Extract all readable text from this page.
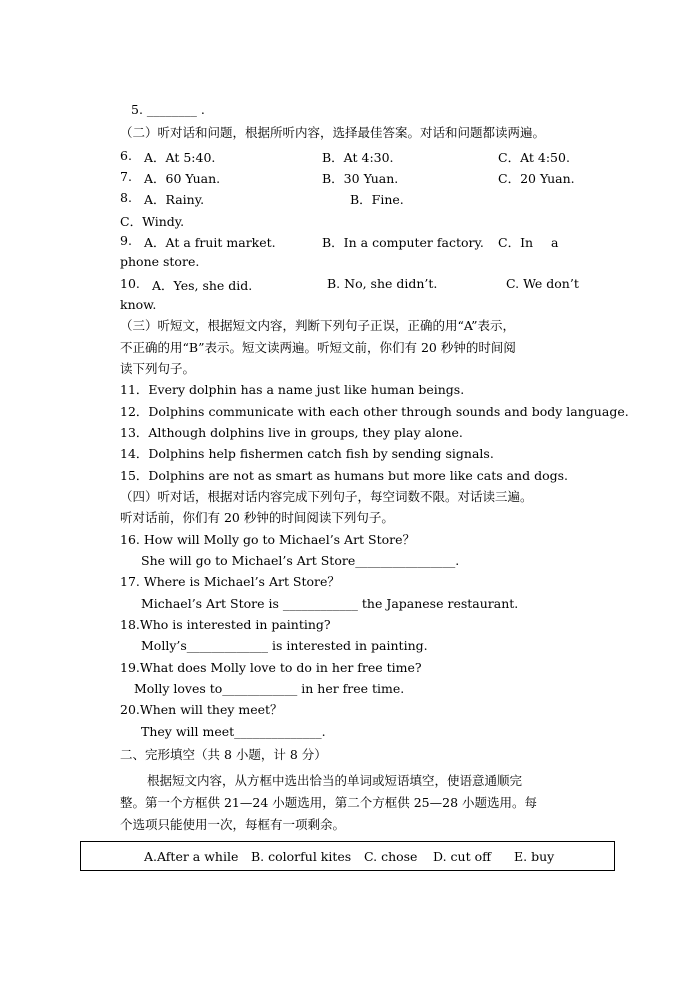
5. ________ .
（二）听对话和问题，根据所听内容，选择最佳答案。对话和问题都读两遍。
6. A．At 5:40.	B．At 4:30.	C．At 4:50.
7. A．60 Yuan.	B．30 Yuan.	C．20 Yuan.
8. A．Rainy.	B．Fine.
C．Windy.
9. A．At a fruit market.	B．In a computer factory. C．In a
phone store.
10. A．Yes, she did.	B. No, she didn’t.	C. We don’t
know.
（三）听短文，根据短文内容，判断下列句子正误，正确的用“A”表示，
不正确的用“B”表示。短文读两遍。听短文前，你们有 20 秒钟的时间阅
读下列句子。
11．Every dolphin has a name just like human beings.
12．Dolphins communicate with each other through sounds and body language.
13．Although dolphins live in groups, they play alone.
14．Dolphins help fishermen catch fish by sending signals.
15．Dolphins are not as smart as humans but more like cats and dogs.
（四）听对话，根据对话内容完成下列句子，每空词数不限。对话读三遍。
听对话前，你们有 20 秒钟的时间阅读下列句子。
16. How will Molly go to Michael’s Art Store？
She will go to Michael’s Art Store________________.
17. Where is Michael’s Art Store？
Michael’s Art Store is ____________ the Japanese restaurant.
18.Who is interested in painting?
Molly’s_____________ is interested in painting.
19.What does Molly love to do in her free time?
Molly loves to____________ in her free time.
20.When will they meet？
They will meet______________.
二、完形填空（共 8 小题，计 8 分）
根据短文内容，从方框中选出恰当的单词或短语填空，使语意通顺完
整。第一个方框供 21—24 小题选用，第二个方框供 25—28 小题选用。每
个选项只能使用一次，每框有一项剩余。
A.After a while B. colorful kites C. chose D. cut off E. buy
